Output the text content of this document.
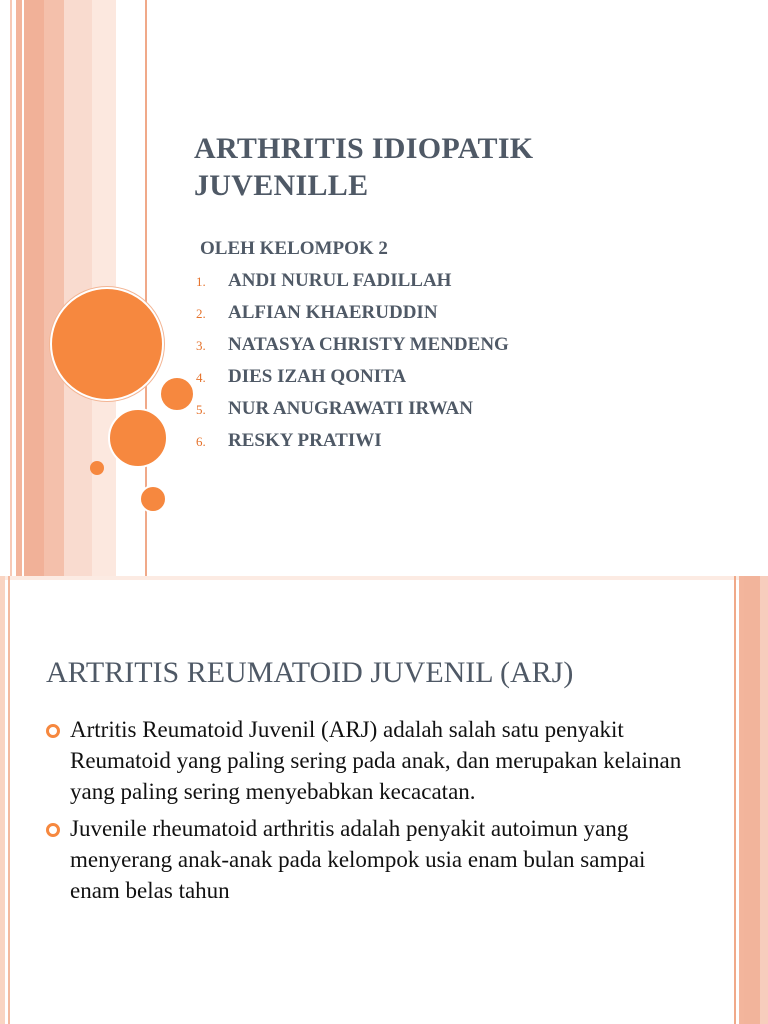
ARTHRITIS IDIOPATIK JUVENILLE
OLEH KELOMPOK 2
1.	ANDI NURUL FADILLAH
2.	ALFIAN KHAERUDDIN
3.	NATASYA CHRISTY MENDENG
4.	DIES IZAH QONITA
5.	NUR ANUGRAWATI IRWAN
6.	RESKY PRATIWI
ARTRITIS REUMATOID JUVENIL (ARJ)
Artritis Reumatoid Juvenil (ARJ) adalah salah satu penyakit Reumatoid yang paling sering pada anak, dan merupakan kelainan yang paling sering menyebabkan kecacatan.
Juvenile rheumatoid arthritis adalah penyakit autoimun yang menyerang anak-anak pada kelompok usia enam bulan sampai enam belas tahun
